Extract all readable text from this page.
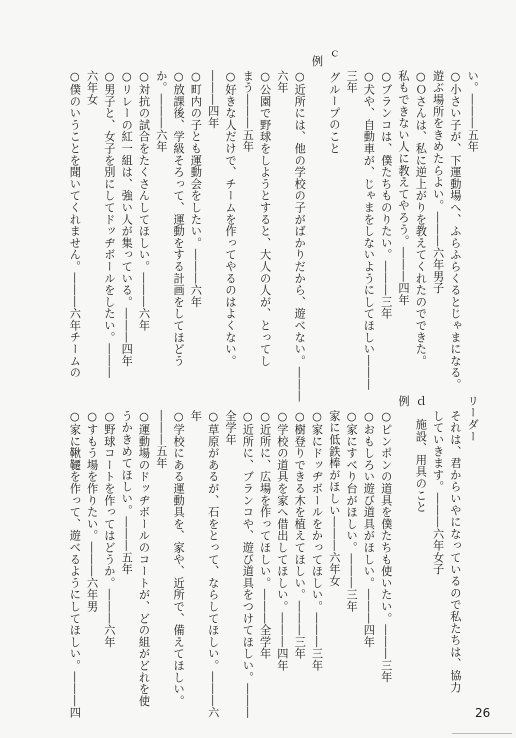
い。―――五年
○小さい子が、下運動場へ、ふらふらくるとじゃまになる。
遊ぶ場所をきめたらよい。―――六年男子
○Ｏさんは、私に逆上がりを教えてくれたのでできた。
私もできない人に教えてやろう。―――四年
○ブランコは、僕たちものりたい。―――三年
○犬や、自動車が、じゃまをしないようにしてほしい―――
三年
ｃ　グループのこと
例
○近所には、他の学校の子がばかりだから、遊べない。―――
六年
○公園で野球をしようとすると、大人の人が、とってし
まう―――五年
○好きな人だけで、チームを作ってやるのはよくない。
―――四年
○町内の子とも運動会をしたい。―――六年
○放課後、学級そろって、運動をする計画をしてほどう
か。―――六年
○対抗の試合をたくさんしてほしい。―――六年
○リレーの紅一組は、強い人が集っている。―――四年
○男子と、女子を別にしてドッヂボールをしたい。―――
六年女
○僕のいうことを聞いてくれません。―――六年チームの
リーダー
それは、君からいやになっているので私たちは、協力
していきます。―――六年女子
ｄ　施設、用具のこと
例
○ピンポンの道具を僕たちも使いたい。―――三年
○おもしろい遊び道具がほしい。―――四年
○家にすべり台がほしい。―――三年
家に低鉄棒がほしい―――六年女
○家にドッヂボールをかってほしい。―――三年
○樹登りできる木を植えてほしい。―――三年
○学校の道具を家へ借出してほしい。―――四年
○近所に、広場を作ってほしい。―――全学年
○近所に、ブランコや、遊び道具をつけてほしい。―――
全学年
○草原があるが、石をとって、ならしてほしい。―――六
年
○学校にある運動具を、家や、近所で、備えてほしい。
―――五年
○運動場のドッヂボールのコートが、どの組がどれを使
うかきめてほしい。―――五年
○野球コートを作ってはどうか。―――六年
○すもう場を作りたい。―――六年男
○家に鞦韆を作って、遊べるようにしてほしい。―――四	26
